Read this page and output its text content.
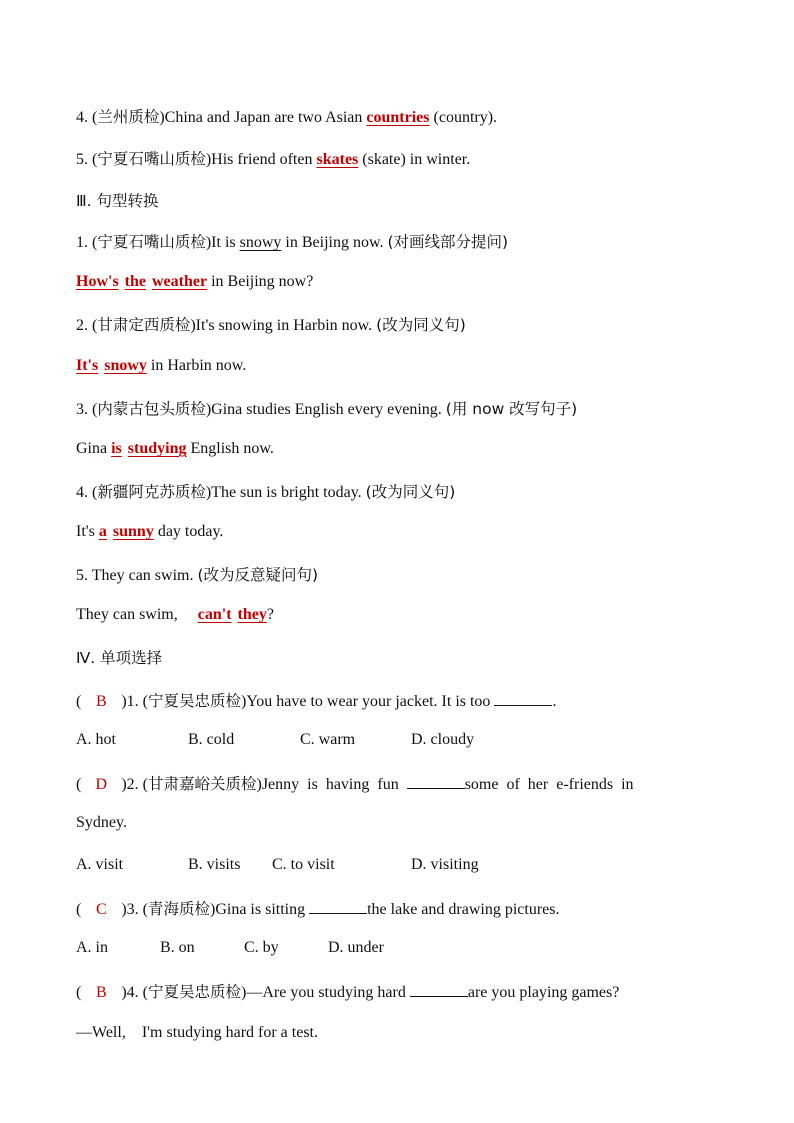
4. (兰州质检)China and Japan are two Asian countries (country).
5. (宁夏石嘴山质检)His friend often skates (skate) in winter.
Ⅲ. 句型转换
1. (宁夏石嘴山质检)It is snowy in Beijing now. (对画线部分提问)
How's the weather in Beijing now?
2. (甘肃定西质检)It's snowing in Harbin now. (改为同义句)
It's snowy in Harbin now.
3. (内蒙古包头质检)Gina studies English every evening. (用 now 改写句子)
Gina is studying English now.
4. (新疆阿克苏质检)The sun is bright today. (改为同义句)
It's a sunny day today.
5. They can swim. (改为反意疑问句)
They can swim,     can't they?
Ⅳ. 单项选择
( B )1. (宁夏吴忠质检)You have to wear your jacket. It is too	.
A. hot	B. cold	C. warm	D. cloudy
( D )2. (甘肃嘉峪关质检)Jenny  is  having  fun	some  of  her  e-friends  in
Sydney.
A. visit	B. visits C. to visit	D. visiting
( C )3. (青海质检)Gina is sitting	the lake and drawing pictures.
A. in	B. on	C. by	D. under
( B )4. (宁夏吴忠质检)—Are you studying hard	are you playing games?
—Well,    I'm studying hard for a test.
